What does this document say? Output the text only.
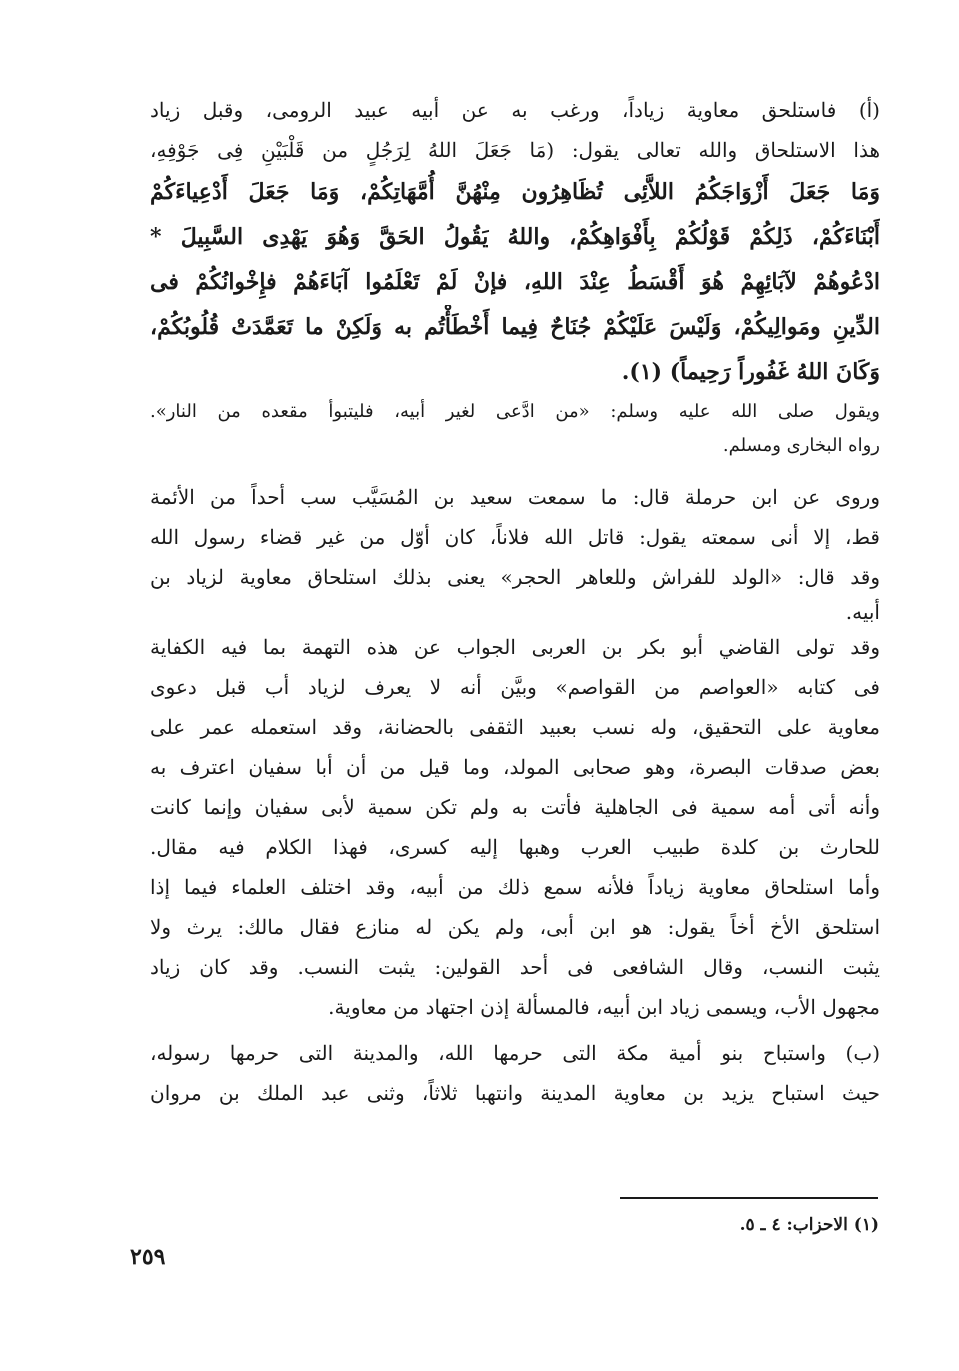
(أ) فاستلحق معاوية زياداً، ورغب به عن أبيه عبيد الرومى، وقبل زياد
هذا الاستلحاق والله تعالى يقول: (مَا جَعَلَ اللهُ لِرَجُلٍ من قَلْبَيْنِ فِى جَوْفِهِ،
وَمَا جَعَلَ أَزْوَاجَكُمُ اللاَّئِى تُظَاهِرُون مِنْهُنَّ أُمَّهَاتِكُمْ، وَمَا جَعَلَ أَدْعِياءَكُمْ
أَبْنَاءَكُمْ، ذَلِكُمْ قَوْلُكُمْ بِأَفْوَاهِكُمْ، واللهُ يَقُولُ الحَقَّ وَهُوَ يَهْدِى السَّبِيلَ *
ادْعُوهُمْ لآبَائِهِمْ هُوَ أَقْسَطُ عِنْدَ اللهِ، فإنْ لَمْ تَعْلَمُوا آبَاءَهُمْ فإِخْوانُكُمْ فى
الدِّينِ ومَوالِيكُمْ، وَلَيْسَ عَلَيْكُمْ جُنَاحٌ فِيما أَخْطَأْتُم به وَلَكِنْ ما تَعَمَّدَتْ قُلُوبُكُمْ،
وَكَانَ اللهُ غَفُوراً رَحِيماً) (١).
ويقول صلى الله عليه وسلم: «من ادَّعى لغير أبيه، فليتبوأ مقعده من النار».
رواه البخارى ومسلم.
وروى عن ابن حرملة قال: ما سمعت سعيد بن المُسَيَّب سب أحداً من الأئمة
قط، إلا أنى سمعته يقول: قاتل الله فلاناً، كان أوّل من غير قضاء رسول الله
وقد قال: «الولد للفراش وللعاهر الحجر» يعنى بذلك استلحاق معاوية لزياد بن
أبيه.
وقد تولى القاضي أبو بكر بن العربى الجواب عن هذه التهمة بما فيه الكفاية
فى كتابه «العواصم من القواصم» وبيَّن أنه لا يعرف لزياد أب قبل دعوى
معاوية على التحقيق، وله نسب بعبيد الثقفى بالحضانة، وقد استعمله عمر على
بعض صدقات البصرة، وهو صحابى المولد، وما قيل من أن أبا سفيان اعترف به
وأنه أتى أمه سمية فى الجاهلية فأتت به ولم تكن سمية لأبى سفيان وإنما كانت
للحارث بن كلدة طبيب العرب وهبها إليه كسرى، فهذا الكلام فيه مقال.
وأما استلحاق معاوية زياداً فلأنه سمع ذلك من أبيه، وقد اختلف العلماء فيما إذا
استلحق الأخ أخاً يقول: هو ابن أبى، ولم يكن له منازع فقال مالك: يرث ولا
يثبت النسب، وقال الشافعى فى أحد القولين: يثبت النسب. وقد كان زياد
مجهول الأب، ويسمى زياد ابن أبيه، فالمسألة إذن اجتهاد من معاوية.
(ب) واستباح بنو أمية مكة التى حرمها الله، والمدينة التى حرمها رسوله،
حيث استباح يزيد بن معاوية المدينة وانتهبا ثلاثاً، وثنى عبد الملك بن مروان
(١) الاحزاب: ٤ ـ ٥.
٢٥٩
